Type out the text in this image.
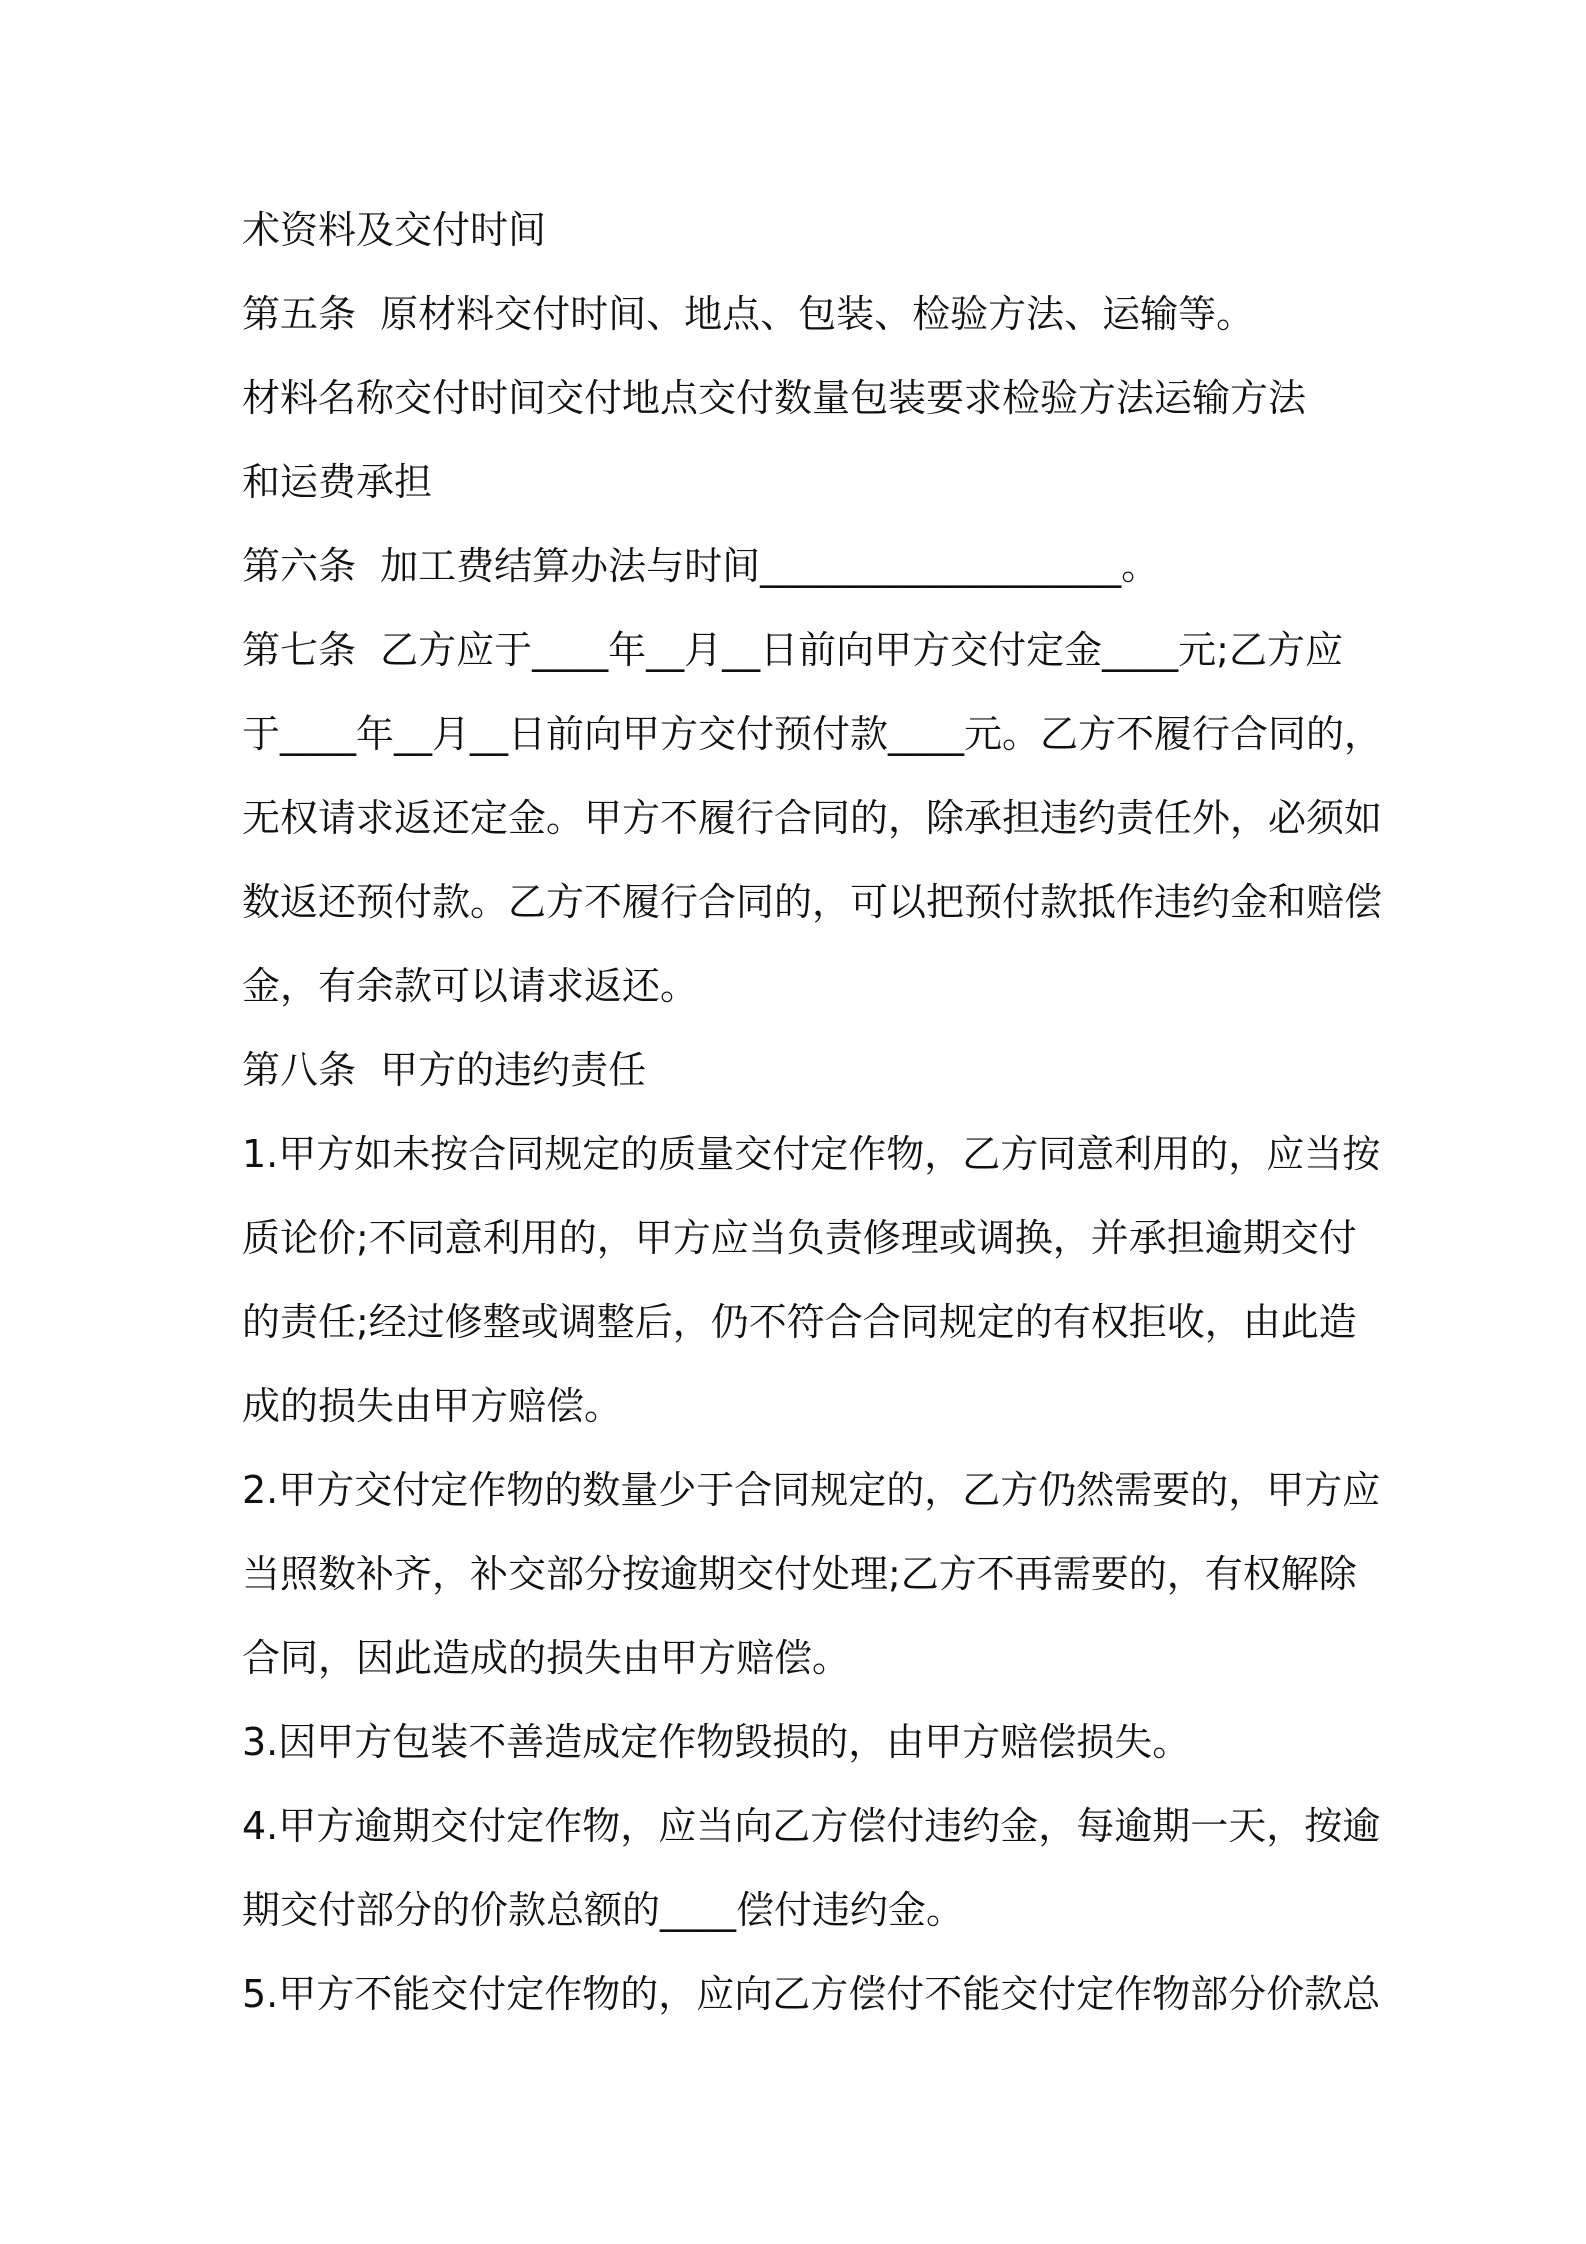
术资料及交付时间
第五条  原材料交付时间、地点、包装、检验方法、运输等。
材料名称交付时间交付地点交付数量包装要求检验方法运输方法
和运费承担
第六条  加工费结算办法与时间___________________。
第七条  乙方应于____年__月__日前向甲方交付定金____元;乙方应
于____年__月__日前向甲方交付预付款____元。乙方不履行合同的，
无权请求返还定金。甲方不履行合同的，除承担违约责任外，必须如
数返还预付款。乙方不履行合同的，可以把预付款抵作违约金和赔偿
金，有余款可以请求返还。
第八条  甲方的违约责任
1.甲方如未按合同规定的质量交付定作物，乙方同意利用的，应当按
质论价;不同意利用的，甲方应当负责修理或调换，并承担逾期交付
的责任;经过修整或调整后，仍不符合合同规定的有权拒收，由此造
成的损失由甲方赔偿。
2.甲方交付定作物的数量少于合同规定的，乙方仍然需要的，甲方应
当照数补齐，补交部分按逾期交付处理;乙方不再需要的，有权解除
合同，因此造成的损失由甲方赔偿。
3.因甲方包装不善造成定作物毁损的，由甲方赔偿损失。
4.甲方逾期交付定作物，应当向乙方偿付违约金，每逾期一天，按逾
期交付部分的价款总额的____偿付违约金。
5.甲方不能交付定作物的，应向乙方偿付不能交付定作物部分价款总
